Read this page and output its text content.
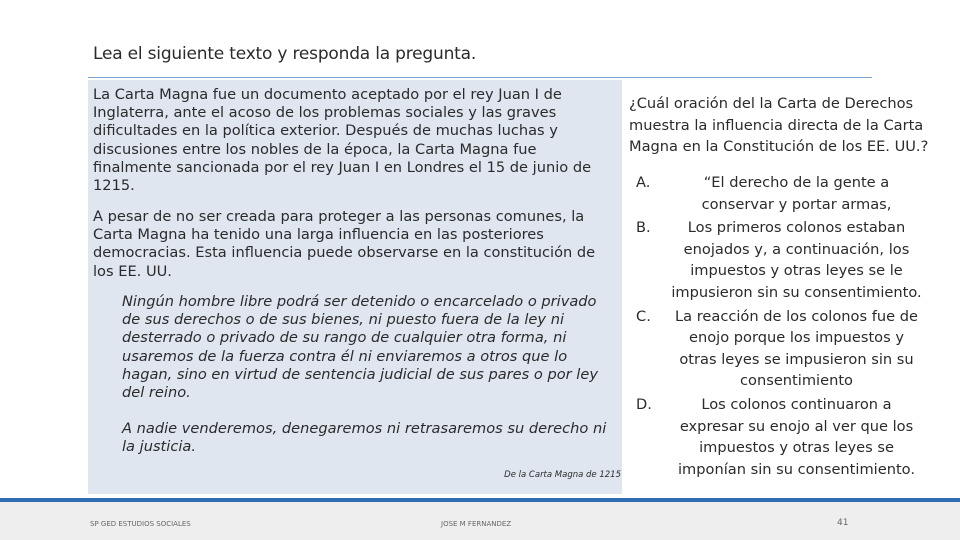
Lea el siguiente texto y responda la pregunta.

La Carta Magna fue un documento aceptado por el rey Juan I de Inglaterra, ante el acoso de los problemas sociales y las graves dificultades en la política exterior. Después de muchas luchas y discusiones entre los nobles de la época, la Carta Magna fue finalmente sancionada por el rey Juan I en Londres el 15 de junio de 1215.

A pesar de no ser creada para proteger a las personas comunes, la Carta Magna ha tenido una larga influencia en las posteriores democracias. Esta influencia puede observarse en la constitución de los EE. UU.

Ningún hombre libre podrá ser detenido o encarcelado o privado de sus derechos o de sus bienes, ni puesto fuera de la ley ni desterrado o privado de su rango de cualquier otra forma, ni usaremos de la fuerza contra él ni enviaremos a otros que lo hagan, sino en virtud de sentencia judicial de sus pares o por ley del reino.

A nadie venderemos, denegaremos ni retrasaremos su derecho ni la justicia.

De la Carta Magna de 1215

¿Cuál oración del la Carta de Derechos muestra la influencia directa de la Carta Magna en la Constitución de los EE. UU.?

A.	“El derecho de la gente a conservar y portar armas,
B.	Los primeros colonos estaban enojados y, a continuación, los impuestos y otras leyes se le impusieron sin su consentimiento.
C.	La reacción de los colonos fue de enojo porque los impuestos y otras leyes se impusieron sin su consentimiento
D.	Los colonos continuaron a expresar su enojo al ver que los impuestos y otras leyes se imponían sin su consentimiento.
SP GED ESTUDIOS SOCIALES	JOSE M FERNANDEZ	41
